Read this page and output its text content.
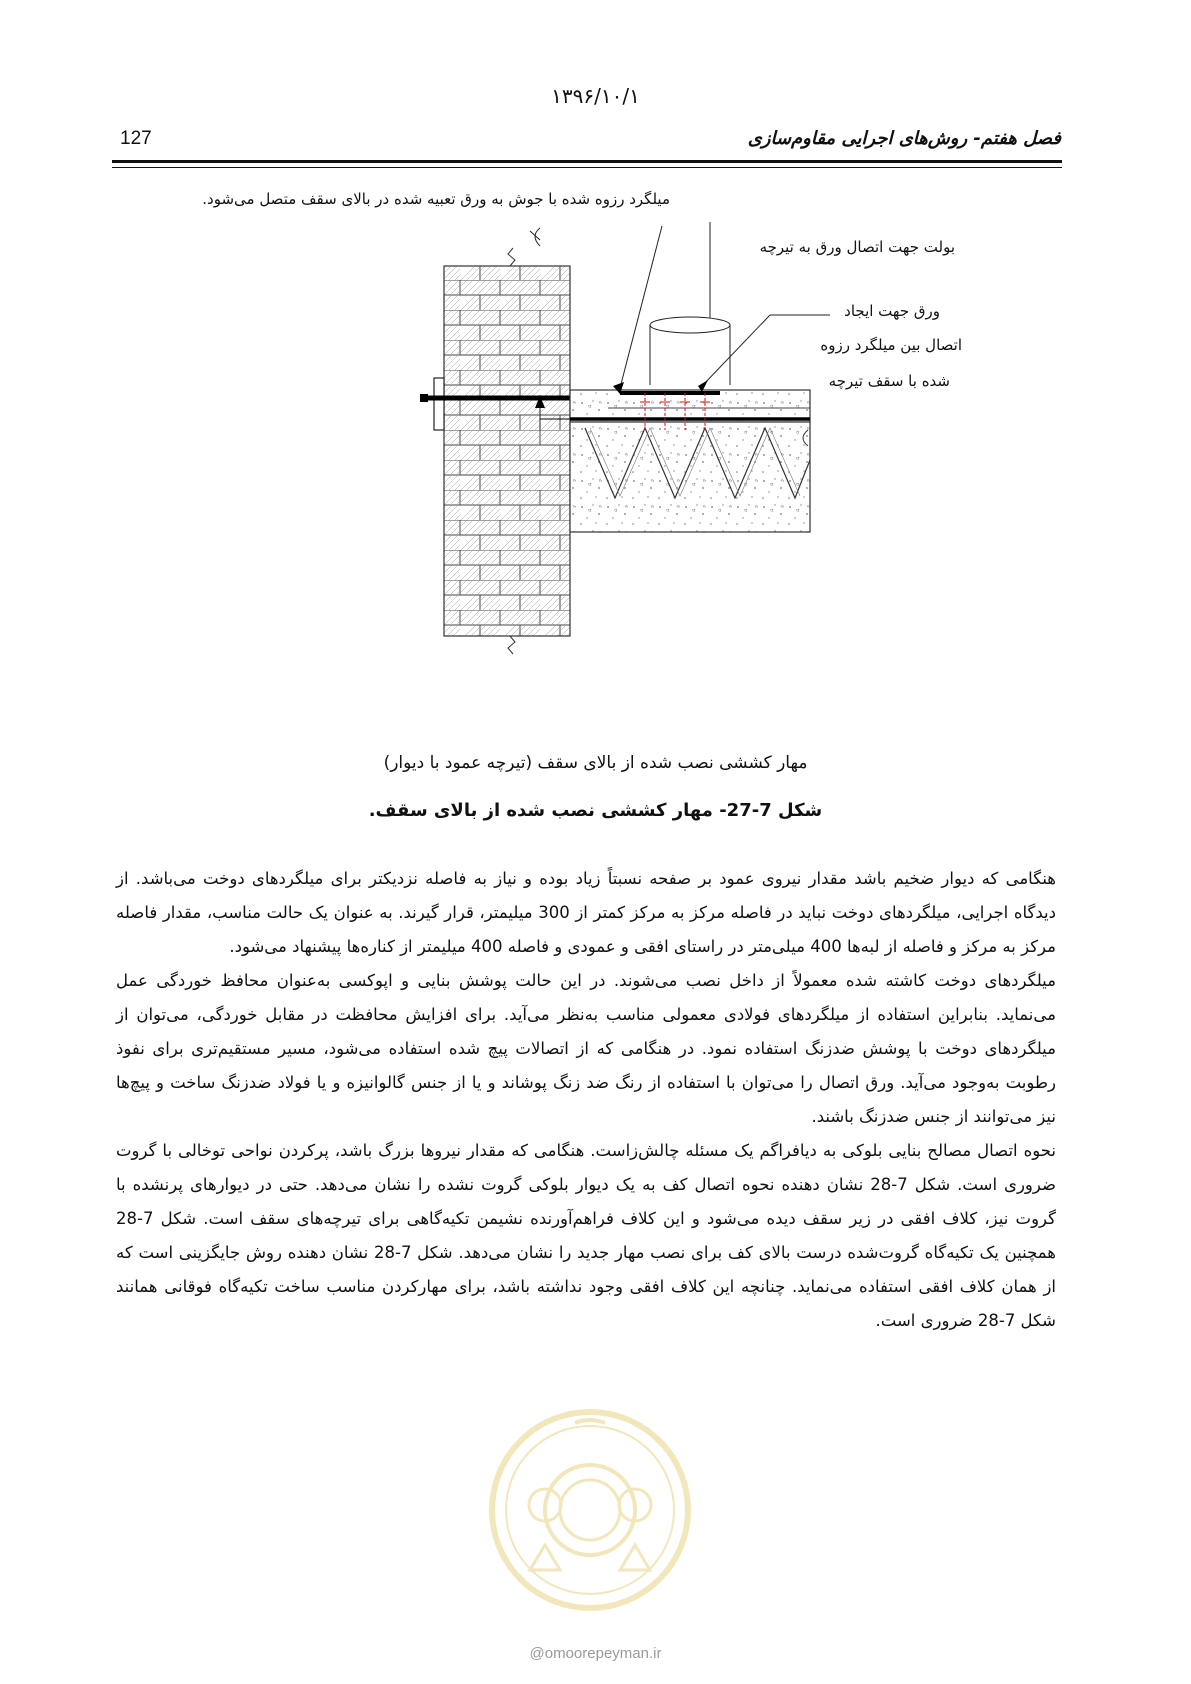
۱۳۹۶/۱۰/۱
127	فصل هفتم- روش‌های اجرایی مقاوم‌سازی
میلگرد رزوه شده با جوش به ورق تعبیه شده در بالای سقف متصل می‌شود.
بولت جهت اتصال ورق به تیرچه
ورق جهت ایجاد
اتصال بین میلگرد رزوه
شده با سقف تیرچه
مهار کششی نصب شده از بالای سقف (تیرچه عمود با دیوار)
شکل 7-27- مهار کششی نصب شده از بالای سقف.

هنگامی که دیوار ضخیم باشد مقدار نیروی عمود بر صفحه نسبتاً زیاد بوده و نیاز به فاصله نزدیکتر برای میلگردهای دوخت می‌باشد. از دیدگاه اجرایی، میلگردهای دوخت نباید در فاصله مرکز به مرکز کمتر از 300 میلیمتر، قرار گیرند. به عنوان یک حالت مناسب، مقدار فاصله مرکز به مرکز و فاصله از لبه‌ها 400 میلی‌متر در راستای افقی و عمودی و فاصله 400 میلیمتر از کناره‌ها پیشنهاد می‌شود.

میلگردهای دوخت کاشته شده معمولاً از داخل نصب می‌شوند. در این حالت پوشش بنایی و اپوکسی به‌عنوان محافظ خوردگی عمل می‌نماید. بنابراین استفاده از میلگردهای فولادی معمولی مناسب به‌نظر می‌آید. برای افزایش محافظت در مقابل خوردگی، می‌توان از میلگردهای دوخت با پوشش ضدزنگ استفاده نمود. در هنگامی که از اتصالات پیچ شده استفاده می‌شود، مسیر مستقیم‌تری برای نفوذ رطوبت به‌وجود می‌آید. ورق اتصال را می‌توان با استفاده از رنگ ضد زنگ پوشاند و یا از جنس گالوانیزه و یا فولاد ضدزنگ ساخت و پیچ‌ها نیز می‌توانند از جنس ضدزنگ باشند.

نحوه اتصال مصالح بنایی بلوکی به دیافراگم یک مسئله چالش‌زاست. هنگامی که مقدار نیروها بزرگ باشد، پرکردن نواحی توخالی با گروت ضروری است. شکل 7-28 نشان دهنده نحوه اتصال کف به یک دیوار بلوکی گروت نشده را نشان می‌دهد. حتی در دیوارهای پرنشده با گروت نیز، کلاف افقی در زیر سقف دیده می‌شود و این کلاف فراهم‌آورنده نشیمن تکیه‌گاهی برای تیرچه‌های سقف است. شکل 7-28 همچنین یک تکیه‌گاه گروت‌شده درست بالای کف برای نصب مهار جدید را نشان می‌دهد. شکل 7-28 نشان دهنده روش جایگزینی است که از همان کلاف افقی استفاده می‌نماید. چنانچه این کلاف افقی وجود نداشته باشد، برای مهارکردن مناسب ساخت تکیه‌گاه فوقانی همانند شکل 7-28 ضروری است.

@omoorepeyman.ir
